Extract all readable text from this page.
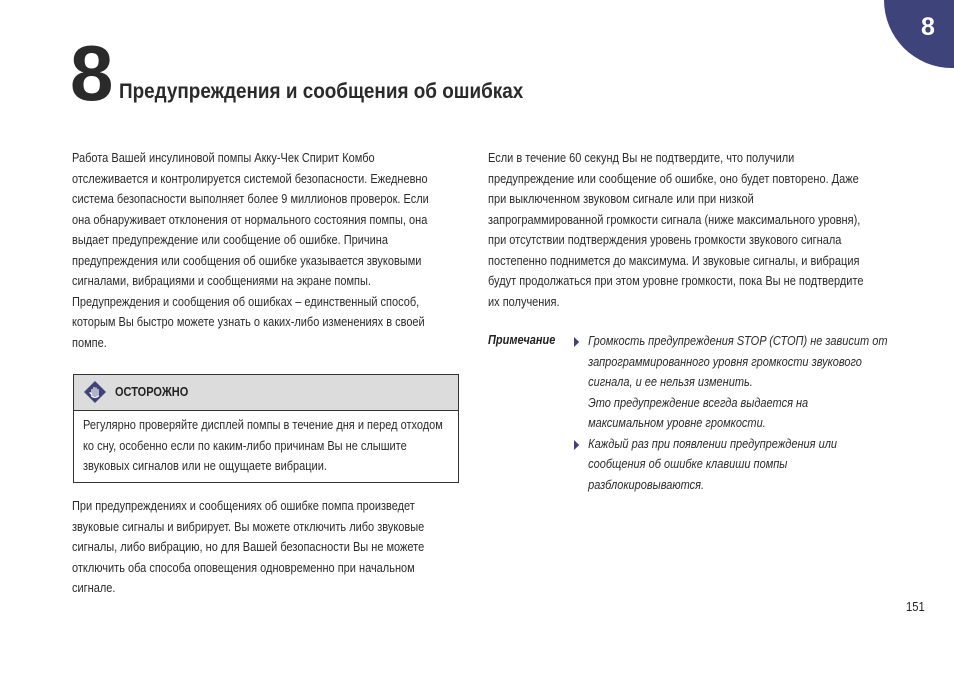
8
8 Предупреждения и сообщения об ошибках
Работа Вашей инсулиновой помпы Акку-Чек Спирит Комбо
отслеживается и контролируется системой безопасности. Ежедневно
система безопасности выполняет более 9 миллионов проверок. Если
она обнаруживает отклонения от нормального состояния помпы, она
выдает предупреждение или сообщение об ошибке. Причина
предупреждения или сообщения об ошибке указывается звуковыми
сигналами, вибрациями и сообщениями на экране помпы.
Предупреждения и сообщения об ошибках – единственный способ,
которым Вы быстро можете узнать о каких-либо изменениях в своей
помпе.
ОСТОРОЖНО
Регулярно проверяйте дисплей помпы в течение дня и перед отходом
ко сну, особенно если по каким-либо причинам Вы не слышите
звуковых сигналов или не ощущаете вибрации.
При предупреждениях и сообщениях об ошибке помпа произведет
звуковые сигналы и вибрирует. Вы можете отключить либо звуковые
сигналы, либо вибрацию, но для Вашей безопасности Вы не можете
отключить оба способа оповещения одновременно при начальном
сигнале.
Если в течение 60 секунд Вы не подтвердите, что получили
предупреждение или сообщение об ошибке, оно будет повторено. Даже
при выключенном звуковом сигнале или при низкой
запрограммированной громкости сигнала (ниже максимального уровня),
при отсутствии подтверждения уровень громкости звукового сигнала
постепенно поднимется до максимума. И звуковые сигналы, и вибрация
будут продолжаться при этом уровне громкости, пока Вы не подтвердите
их получения.
Примечание	Громкость предупреждения STOP (СТОП) не зависит от
запрограммированного уровня громкости звукового
сигнала, и ее нельзя изменить.
Это предупреждение всегда выдается на
максимальном уровне громкости.
Каждый раз при появлении предупреждения или
сообщения об ошибке клавиши помпы
разблокировываются.
151
